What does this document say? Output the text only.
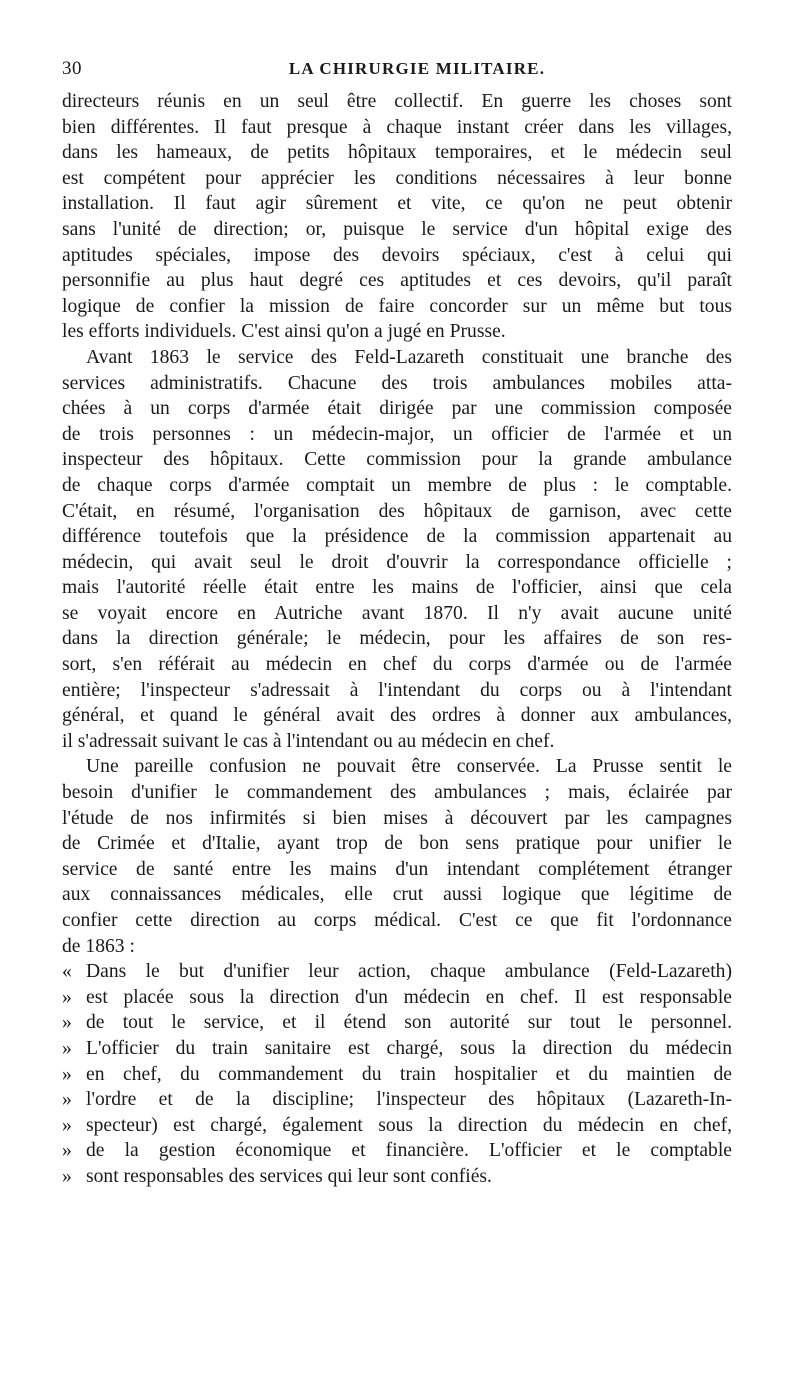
30	LA CHIRURGIE MILITAIRE.
directeurs réunis en un seul être collectif. En guerre les choses sont
bien différentes. Il faut presque à chaque instant créer dans les villages,
dans les hameaux, de petits hôpitaux temporaires, et le médecin seul
est compétent pour apprécier les conditions nécessaires à leur bonne
installation. Il faut agir sûrement et vite, ce qu'on ne peut obtenir
sans l'unité de direction; or, puisque le service d'un hôpital exige des
aptitudes spéciales, impose des devoirs spéciaux, c'est à celui qui
personnifie au plus haut degré ces aptitudes et ces devoirs, qu'il paraît
logique de confier la mission de faire concorder sur un même but tous
les efforts individuels. C'est ainsi qu'on a jugé en Prusse.
Avant 1863 le service des Feld-Lazareth constituait une branche des
services administratifs. Chacune des trois ambulances mobiles atta-
chées à un corps d'armée était dirigée par une commission composée
de trois personnes : un médecin-major, un officier de l'armée et un
inspecteur des hôpitaux. Cette commission pour la grande ambulance
de chaque corps d'armée comptait un membre de plus : le comptable.
C'était, en résumé, l'organisation des hôpitaux de garnison, avec cette
différence toutefois que la présidence de la commission appartenait au
médecin, qui avait seul le droit d'ouvrir la correspondance officielle ;
mais l'autorité réelle était entre les mains de l'officier, ainsi que cela
se voyait encore en Autriche avant 1870. Il n'y avait aucune unité
dans la direction générale; le médecin, pour les affaires de son res-
sort, s'en référait au médecin en chef du corps d'armée ou de l'armée
entière; l'inspecteur s'adressait à l'intendant du corps ou à l'intendant
général, et quand le général avait des ordres à donner aux ambulances,
il s'adressait suivant le cas à l'intendant ou au médecin en chef.
Une pareille confusion ne pouvait être conservée. La Prusse sentit le
besoin d'unifier le commandement des ambulances ; mais, éclairée par
l'étude de nos infirmités si bien mises à découvert par les campagnes
de Crimée et d'Italie, ayant trop de bon sens pratique pour unifier le
service de santé entre les mains d'un intendant complétement étranger
aux connaissances médicales, elle crut aussi logique que légitime de
confier cette direction au corps médical. C'est ce que fit l'ordonnance
de 1863 :
« Dans le but d'unifier leur action, chaque ambulance (Feld-Lazareth)
» est placée sous la direction d'un médecin en chef. Il est responsable
» de tout le service, et il étend son autorité sur tout le personnel.
» L'officier du train sanitaire est chargé, sous la direction du médecin
» en chef, du commandement du train hospitalier et du maintien de
» l'ordre et de la discipline; l'inspecteur des hôpitaux (Lazareth-In-
» specteur) est chargé, également sous la direction du médecin en chef,
» de la gestion économique et financière. L'officier et le comptable
» sont responsables des services qui leur sont confiés.
